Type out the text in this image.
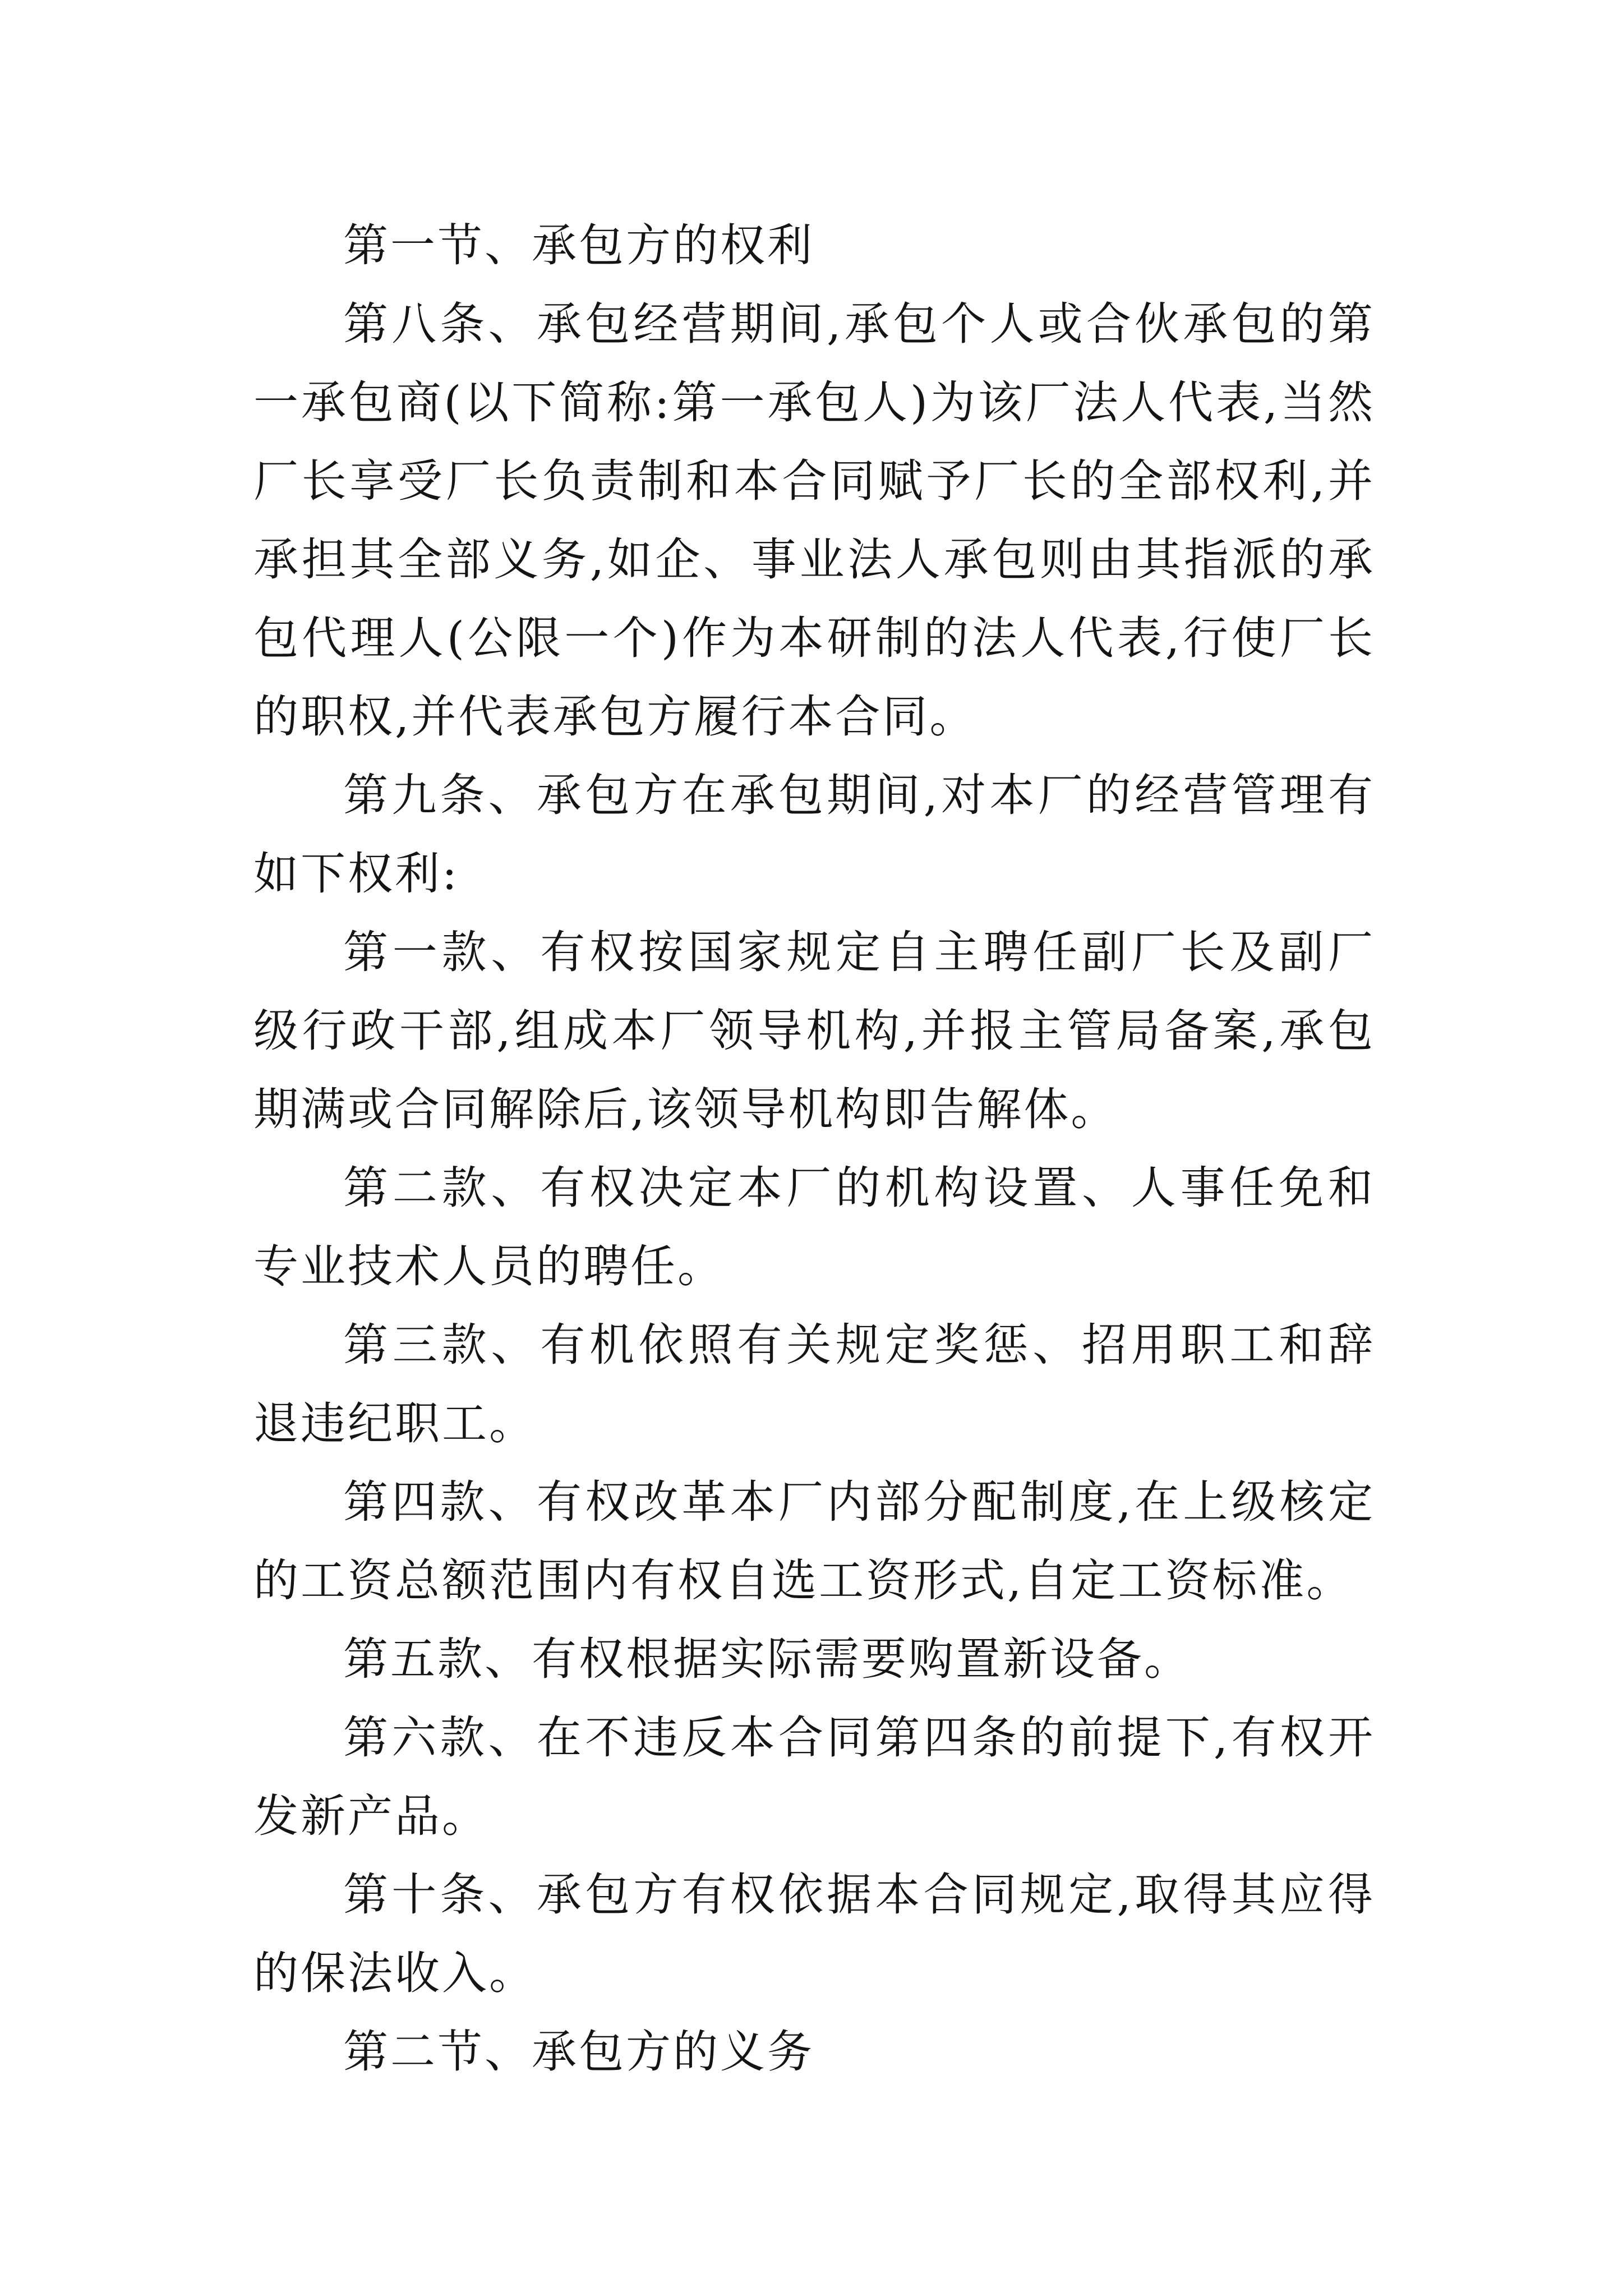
第一节、承包方的权利

第八条、承包经营期间,承包个人或合伙承包的第一承包商(以下简称:第一承包人)为该厂法人代表,当然厂长享受厂长负责制和本合同赋予厂长的全部权利,并承担其全部义务,如企、事业法人承包则由其指派的承包代理人(公限一个)作为本研制的法人代表,行使厂长的职权,并代表承包方履行本合同。

第九条、承包方在承包期间,对本厂的经营管理有如下权利:

第一款、有权按国家规定自主聘任副厂长及副厂级行政干部,组成本厂领导机构,并报主管局备案,承包期满或合同解除后,该领导机构即告解体。

第二款、有权决定本厂的机构设置、人事任免和专业技术人员的聘任。

第三款、有机依照有关规定奖惩、招用职工和辞退违纪职工。

第四款、有权改革本厂内部分配制度,在上级核定的工资总额范围内有权自选工资形式,自定工资标准。

第五款、有权根据实际需要购置新设备。

第六款、在不违反本合同第四条的前提下,有权开发新产品。

第十条、承包方有权依据本合同规定,取得其应得的保法收入。

第二节、承包方的义务
